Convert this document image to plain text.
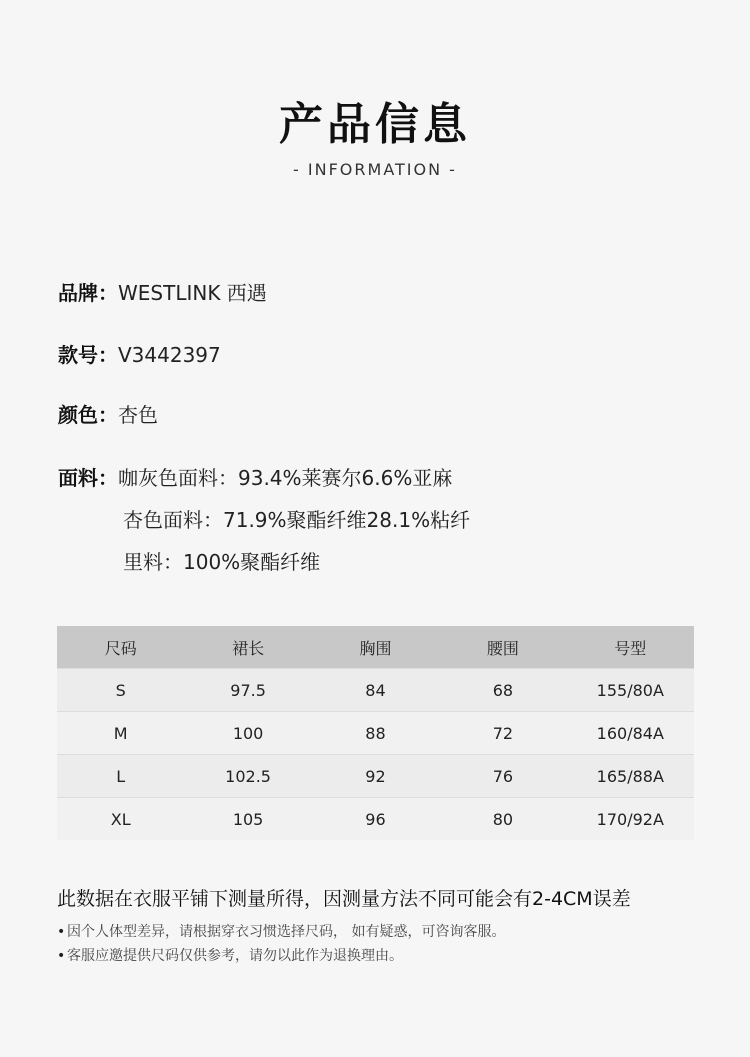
产品信息
- INFORMATION -
品牌：WESTLINK 西遇
款号：V3442397
颜色：杏色
面料：咖灰色面料：93.4%莱赛尔6.6%亚麻
杏色面料：71.9%聚酯纤维28.1%粘纤
里料：100%聚酯纤维
尺码	裙长	胸围	腰围	号型
S	97.5	84	68	155/80A
M	100	88	72	160/84A
L	102.5	92	76	165/88A
XL	105	96	80	170/92A
此数据在衣服平铺下测量所得，因测量方法不同可能会有2-4CM误差
• 因个人体型差异，请根据穿衣习惯选择尺码， 如有疑惑，可咨询客服。
• 客服应邀提供尺码仅供参考，请勿以此作为退换理由。
